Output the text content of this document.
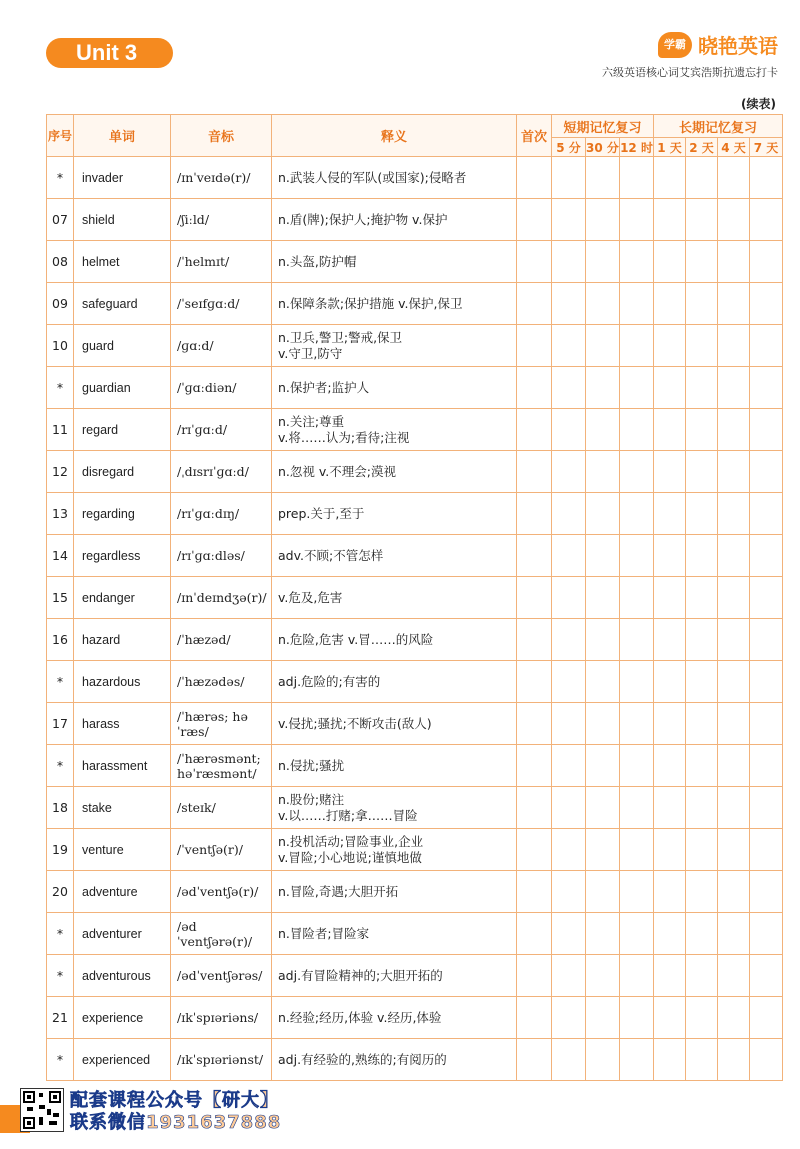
Unit 3	学霸 晓艳英语
六级英语核心词艾宾浩斯抗遗忘打卡
(续表)
序号	单词	音标	释义	首次	短期记忆复习			长期记忆复习			
					5 分	30 分	12 时	1 天	2 天	4 天	7 天
*	invader	/ɪnˈveɪdə(r)/	n.武装人侵的军队(或国家);侵略者								

07	shield	/ʃiːld/	n.盾(牌);保护人;掩护物 v.保护								

08	helmet	/ˈhelmɪt/	n.头盔,防护帽								

09	safeguard	/ˈseɪfɡɑːd/	n.保障条款;保护措施 v.保护,保卫								

10	guard	/ɡɑːd/	n.卫兵,警卫;警戒,保卫
v.守卫,防守								

*	guardian	/ˈɡɑːdiən/	n.保护者;监护人								

11	regard	/rɪˈɡɑːd/	n.关注;尊重
v.将……认为;看待;注视								

12	disregard	/ˌdɪsrɪˈɡɑːd/	n.忽视 v.不理会;漠视								

13	regarding	/rɪˈɡɑːdɪŋ/	prep.关于,至于								

14	regardless	/rɪˈɡɑːdləs/	adv.不顾;不管怎样								

15	endanger	/ɪnˈdeɪndʒə(r)/	v.危及,危害								

16	hazard	/ˈhæzəd/	n.危险,危害 v.冒……的风险								

*	hazardous	/ˈhæzədəs/	adj.危险的;有害的								

17	harass	/ˈhærəs; həˈræs/	v.侵扰;骚扰;不断攻击(敌人)								

*	harassment	/ˈhærəsmənt; həˈræsmənt/	n.侵扰;骚扰								

18	stake	/steɪk/	n.股份;赌注
v.以……打赌;拿……冒险								

19	venture	/ˈventʃə(r)/	n.投机活动;冒险事业,企业
v.冒险;小心地说;谨慎地做								

20	adventure	/ədˈventʃə(r)/	n.冒险,奇遇;大胆开拓								

*	adventurer	/ədˈventʃərə(r)/	n.冒险者;冒险家								

*	adventurous	/ədˈventʃərəs/	adj.有冒险精神的;大胆开拓的								

21	experience	/ɪkˈspɪəriəns/	n.经验;经历,体验 v.经历,体验								

*	experienced	/ɪkˈspɪəriənst/	adj.有经验的,熟练的;有阅历的								

配套课程公众号【研大】
联系微信1931637888
